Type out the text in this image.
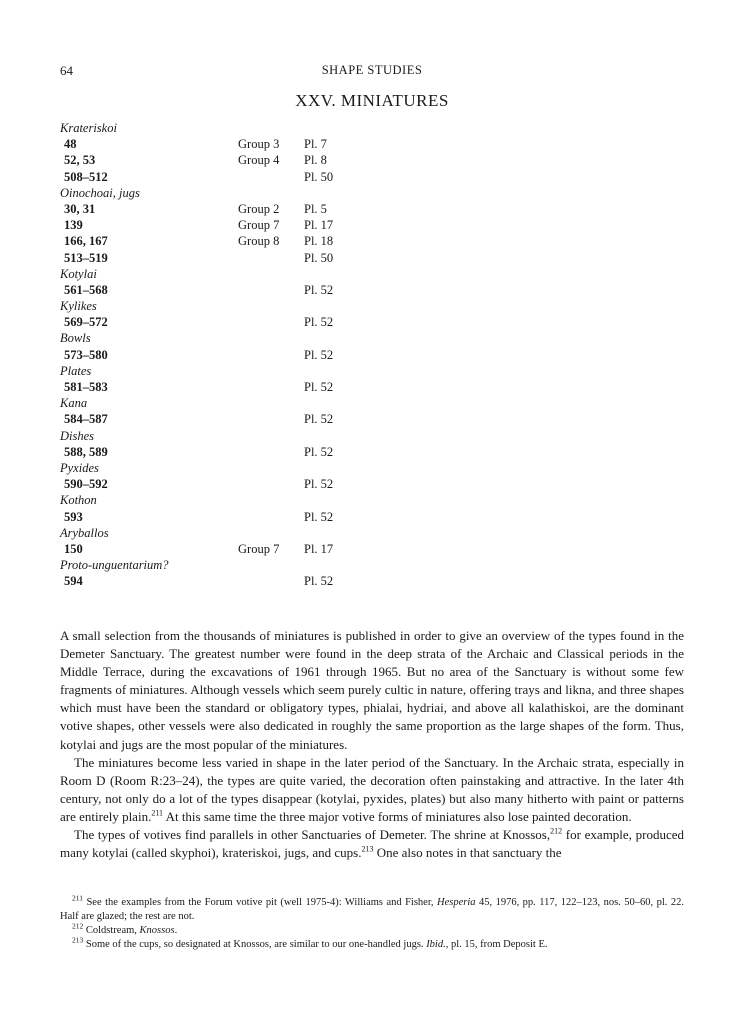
64	SHAPE STUDIES
XXV. MINIATURES
Krateriskoi
48	Group 3 Pl. 7
52, 53	Group 4 Pl. 8
508–512	Pl. 50
Oinochoai, jugs
30, 31	Group 2 Pl. 5
139	Group 7 Pl. 17
166, 167	Group 8 Pl. 18
513–519	Pl. 50
Kotylai
561–568	Pl. 52
Kylikes
569–572	Pl. 52
Bowls
573–580	Pl. 52
Plates
581–583	Pl. 52
Kana
584–587	Pl. 52
Dishes
588, 589	Pl. 52
Pyxides
590–592	Pl. 52
Kothon
593	Pl. 52
Aryballos
150	Group 7 Pl. 17
Proto-unguentarium?
594	Pl. 52

A small selection from the thousands of miniatures is published in order to give an overview of the types found in the Demeter Sanctuary. The greatest number were found in the deep strata of the Archaic and Classical periods in the Middle Terrace, during the excavations of 1961 through 1965. But no area of the Sanctuary is without some few fragments of miniatures. Although vessels which seem purely cultic in nature, offering trays and likna, and three shapes which must have been the standard or obligatory types, phialai, hydriai, and above all kalathiskoi, are the dominant votive shapes, other vessels were also dedicated in roughly the same proportion as the large shapes of the form. Thus, kotylai and jugs are the most popular of the miniatures.

The miniatures become less varied in shape in the later period of the Sanctuary. In the Archaic strata, especially in Room D (Room R:23–24), the types are quite varied, the decoration often painstaking and attractive. In the later 4th century, not only do a lot of the types disappear (kotylai, pyxides, plates) but also many hitherto with paint or patterns are entirely plain.$^{211}$ At this same time the three major votive forms of miniatures also lose painted decoration.

The types of votives find parallels in other Sanctuaries of Demeter. The shrine at Knossos,$^{212}$ for example, produced many kotylai (called skyphoi), krateriskoi, jugs, and cups.$^{213}$ One also notes in that sanctuary the

$^{211}$ See the examples from the Forum votive pit (well 1975-4): Williams and Fisher, Hesperia 45, 1976, pp. 117, 122–123, nos. 50–60, pl. 22. Half are glazed; the rest are not.

$^{212}$ Coldstream, Knossos.

$^{213}$ Some of the cups, so designated at Knossos, are similar to our one-handled jugs. Ibid., pl. 15, from Deposit E.
